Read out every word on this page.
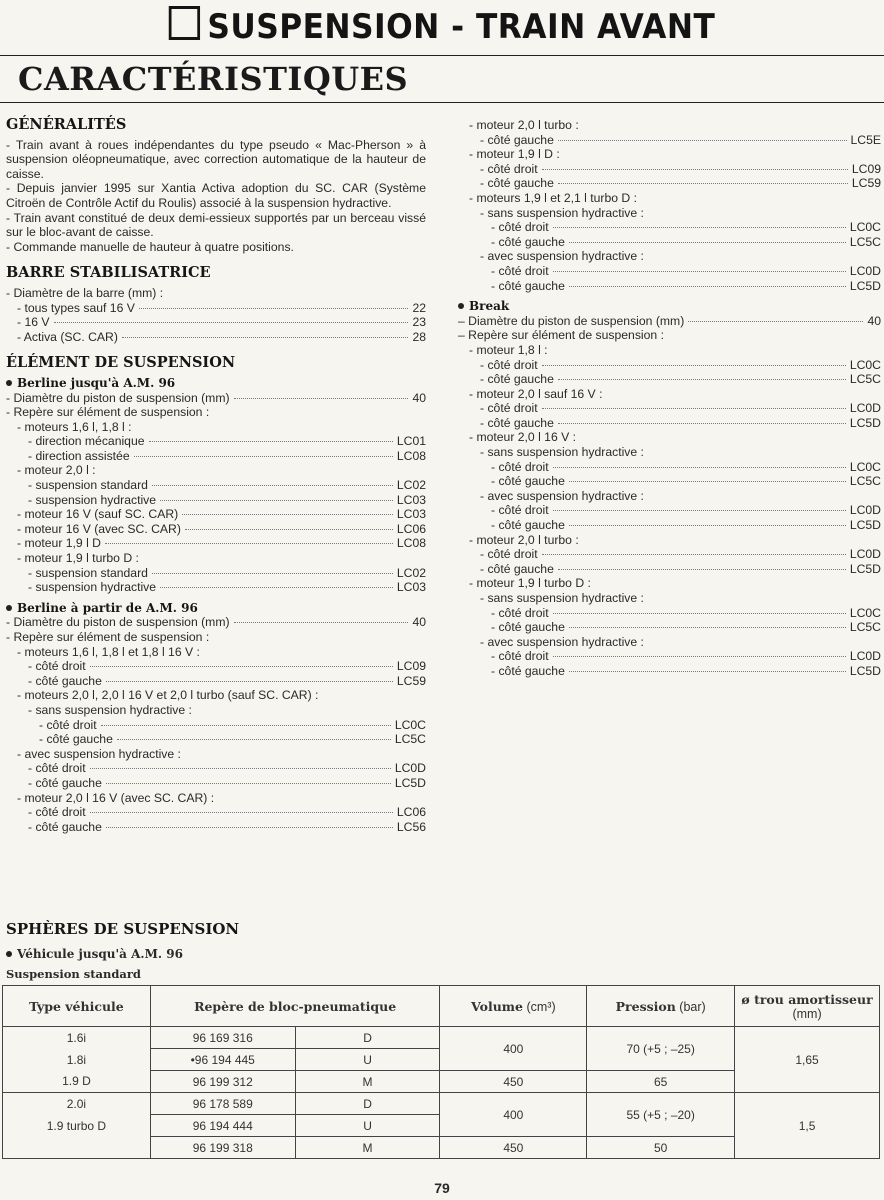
SUSPENSION - TRAIN AVANT
CARACTÉRISTIQUES
GÉNÉRALITÉS
- Train avant à roues indépendantes du type pseudo « Mac-Pherson » à suspension oléopneumatique, avec correction automatique de la hauteur de caisse.
- Depuis janvier 1995 sur Xantia Activa adoption du SC. CAR (Système Citroën de Contrôle Actif du Roulis) associé à la suspension hydractive.
- Train avant constitué de deux demi-essieux supportés par un berceau vissé sur le bloc-avant de caisse.
- Commande manuelle de hauteur à quatre positions.
BARRE STABILISATRICE
- Diamètre de la barre (mm) :
- tous types sauf 16 V	22
- 16 V	23
- Activa (SC. CAR)	28
ÉLÉMENT DE SUSPENSION
Berline jusqu'à A.M. 96
- Diamètre du piston de suspension (mm)	40
- Repère sur élément de suspension :
- moteurs 1,6 l, 1,8 l :
- direction mécanique	LC01
- direction assistée	LC08
- moteur 2,0 l :
- suspension standard	LC02
- suspension hydractive	LC03
- moteur 16 V (sauf SC. CAR)	LC03
- moteur 16 V (avec SC. CAR)	LC06
- moteur 1,9 l D	LC08
- moteur 1,9 l turbo D :
- suspension standard	LC02
- suspension hydractive	LC03
Berline à partir de A.M. 96
- Diamètre du piston de suspension (mm)	40
- Repère sur élément de suspension :
- moteurs 1,6 l, 1,8 l et 1,8 l 16 V :
- côté droit	LC09
- côté gauche	LC59
- moteurs 2,0 l, 2,0 l 16 V et 2,0 l turbo (sauf SC. CAR) :
- sans suspension hydractive :
- côté droit	LC0C
- côté gauche	LC5C
- avec suspension hydractive :
- côté droit	LC0D
- côté gauche	LC5D
- moteur 2,0 l 16 V (avec SC. CAR) :
- côté droit	LC06
- côté gauche	LC56
- moteur 2,0 l turbo :
- côté gauche	LC5E
- moteur 1,9 l D :
- côté droit	LC09
- côté gauche	LC59
- moteurs 1,9 l et 2,1 l turbo D :
- sans suspension hydractive :
- côté droit	LC0C
- côté gauche	LC5C
- avec suspension hydractive :
- côté droit	LC0D
- côté gauche	LC5D
Break
– Diamètre du piston de suspension (mm)	40
– Repère sur élément de suspension :
- moteur 1,8 l :
- côté droit	LC0C
- côté gauche	LC5C
- moteur 2,0 l sauf 16 V :
- côté droit	LC0D
- côté gauche	LC5D
- moteur 2,0 l 16 V :
- sans suspension hydractive :
- côté droit	LC0C
- côté gauche	LC5C
- avec suspension hydractive :
- côté droit	LC0D
- côté gauche	LC5D
- moteur 2,0 l turbo :
- côté droit	LC0D
- côté gauche	LC5D
- moteur 1,9 l turbo D :
- sans suspension hydractive :
- côté droit	LC0C
- côté gauche	LC5C
- avec suspension hydractive :
- côté droit	LC0D
- côté gauche	LC5D
SPHÈRES DE SUSPENSION
Véhicule jusqu'à A.M. 96
Suspension standard
Type véhicule	Repère de bloc-pneumatique		Volume (cm³)	Pression (bar)	ø trou amortisseur (mm)
1.6i	96 169 316	D	400	70 (+5 ; –25)	1,65
1.8i	•96 194 445	U			
1.9 D	96 199 312	M	450	65	
2.0i	96 178 589	D	400	55 (+5 ; –20)	1,5
1.9 turbo D	96 194 444	U			
	96 199 318	M	450	50	
79
